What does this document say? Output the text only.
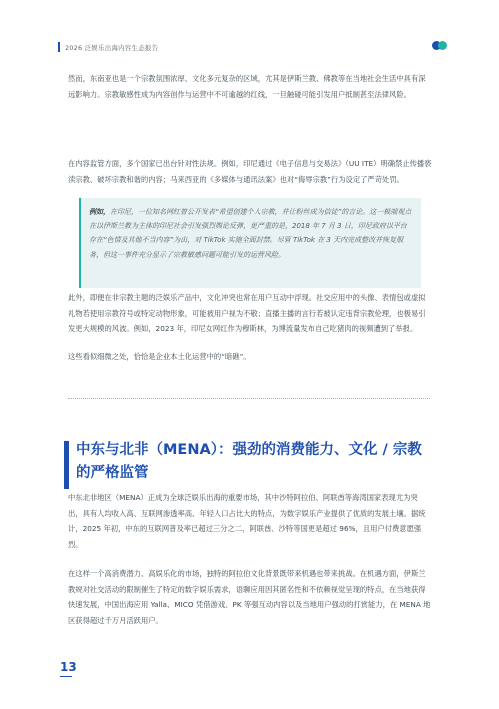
2026 泛娱乐出海内容生态报告

然而，东南亚也是一个宗教氛围浓厚、文化多元复杂的区域，尤其是伊斯兰教、佛教等在当地社会生活中具有深远影响力。宗教敏感性成为内容创作与运营中不可逾越的红线，一旦触碰可能引发用户抵制甚至法律风险。

在内容监管方面，多个国家已出台针对性法规。例如，印尼通过《电子信息与交易法》（UU ITE）明确禁止传播亵渎宗教、破坏宗教和谐的内容；马来西亚的《多媒体与通讯法案》也对“侮辱宗教”行为设定了严苛处罚。

例如，在印尼，一位知名网红曾公开发表“希望创建个人宗教，并让粉丝成为信徒”的言论。这一极端观点在以伊斯兰教为主体的印尼社会引发强烈舆论反弹，更严重的是，2018 年 7 月 3 日，印尼政府以平台存在“色情及其他不当内容”为由，对 TikTok 实施全面封禁。尽管 TikTok 在 3 天内完成整改并恢复服务，但这一事件充分显示了宗教敏感问题可能引发的运营风险。

此外，即便在非宗教主题的泛娱乐产品中，文化冲突也常在用户互动中浮现。社交应用中的头像、表情包或虚拟礼物若使用宗教符号或特定动物形象，可能被用户视为不敬；直播主播的言行若被认定违背宗教伦理，也极易引发更大规模的风波。例如，2023 年，印尼女网红作为穆斯林，为博流量发布自己吃猪肉的视频遭到了举报。

这些看似细微之处，恰恰是企业本土化运营中的“暗礁”。

中东与北非（MENA）：强劲的消费能力、文化 / 宗教的严格监管

中东北非地区（MENA）正成为全球泛娱乐出海的重要市场，其中沙特阿拉伯、阿联酋等海湾国家表现尤为突出，具有人均收入高、互联网渗透率高、年轻人口占比大的特点，为数字娱乐产业提供了优质的发展土壤。据统计，2025 年初，中东的互联网普及率已超过三分之二，阿联酋、沙特等国更是超过 96%，且用户付费意愿强烈。

在这样一个高消费潜力、高娱乐化的市场，独特的阿拉伯文化背景既带来机遇也带来挑战。在机遇方面，伊斯兰教规对社交活动的限制催生了特定的数字娱乐需求，语聊应用因其匿名性和不依赖视觉呈现的特点，在当地获得快速发展，中国出海应用 Yalla、MICO 凭借游戏、PK 等强互动内容以及当地用户强动的打赏能力，在 MENA 地区获得超过千万月活跃用户。

13
